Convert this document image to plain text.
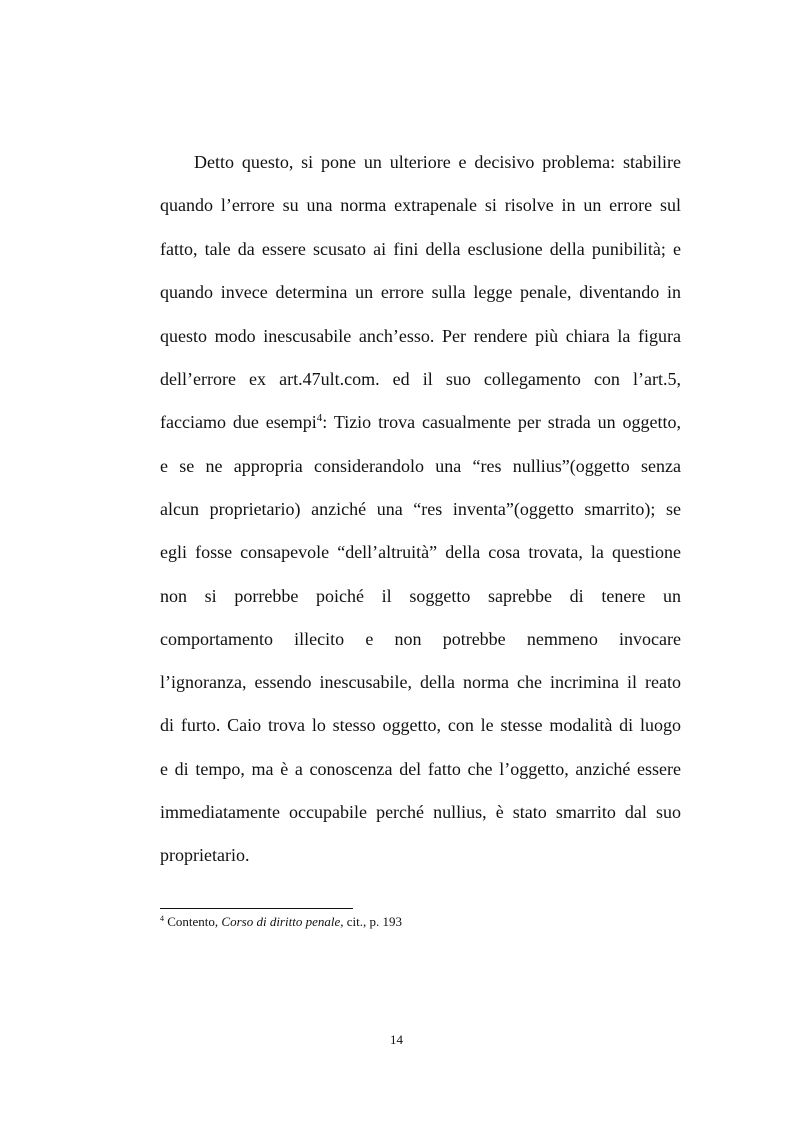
Detto questo, si pone un ulteriore e decisivo problema: stabilire
quando l’errore su una norma extrapenale si risolve in un errore sul
fatto, tale da essere scusato ai fini della esclusione della punibilità; e
quando invece determina un errore sulla legge penale, diventando in
questo modo inescusabile anch’esso. Per rendere più chiara la figura
dell’errore ex art.47ult.com. ed il suo collegamento con l’art.5,
facciamo due esempi$^4$: Tizio trova casualmente per strada un oggetto,
e se ne appropria considerandolo una “res nullius”(oggetto senza
alcun proprietario) anziché una “res inventa”(oggetto smarrito); se
egli fosse consapevole “dell’altruità” della cosa trovata, la questione
non si porrebbe poiché il soggetto saprebbe di tenere un
comportamento illecito e non potrebbe nemmeno invocare
l’ignoranza, essendo inescusabile, della norma che incrimina il reato
di furto. Caio trova lo stesso oggetto, con le stesse modalità di luogo
e di tempo, ma è a conoscenza del fatto che l’oggetto, anziché essere
immediatamente occupabile perché nullius, è stato smarrito dal suo
proprietario.
$^4$ Contento, Corso di diritto penale, cit., p. 193
14
